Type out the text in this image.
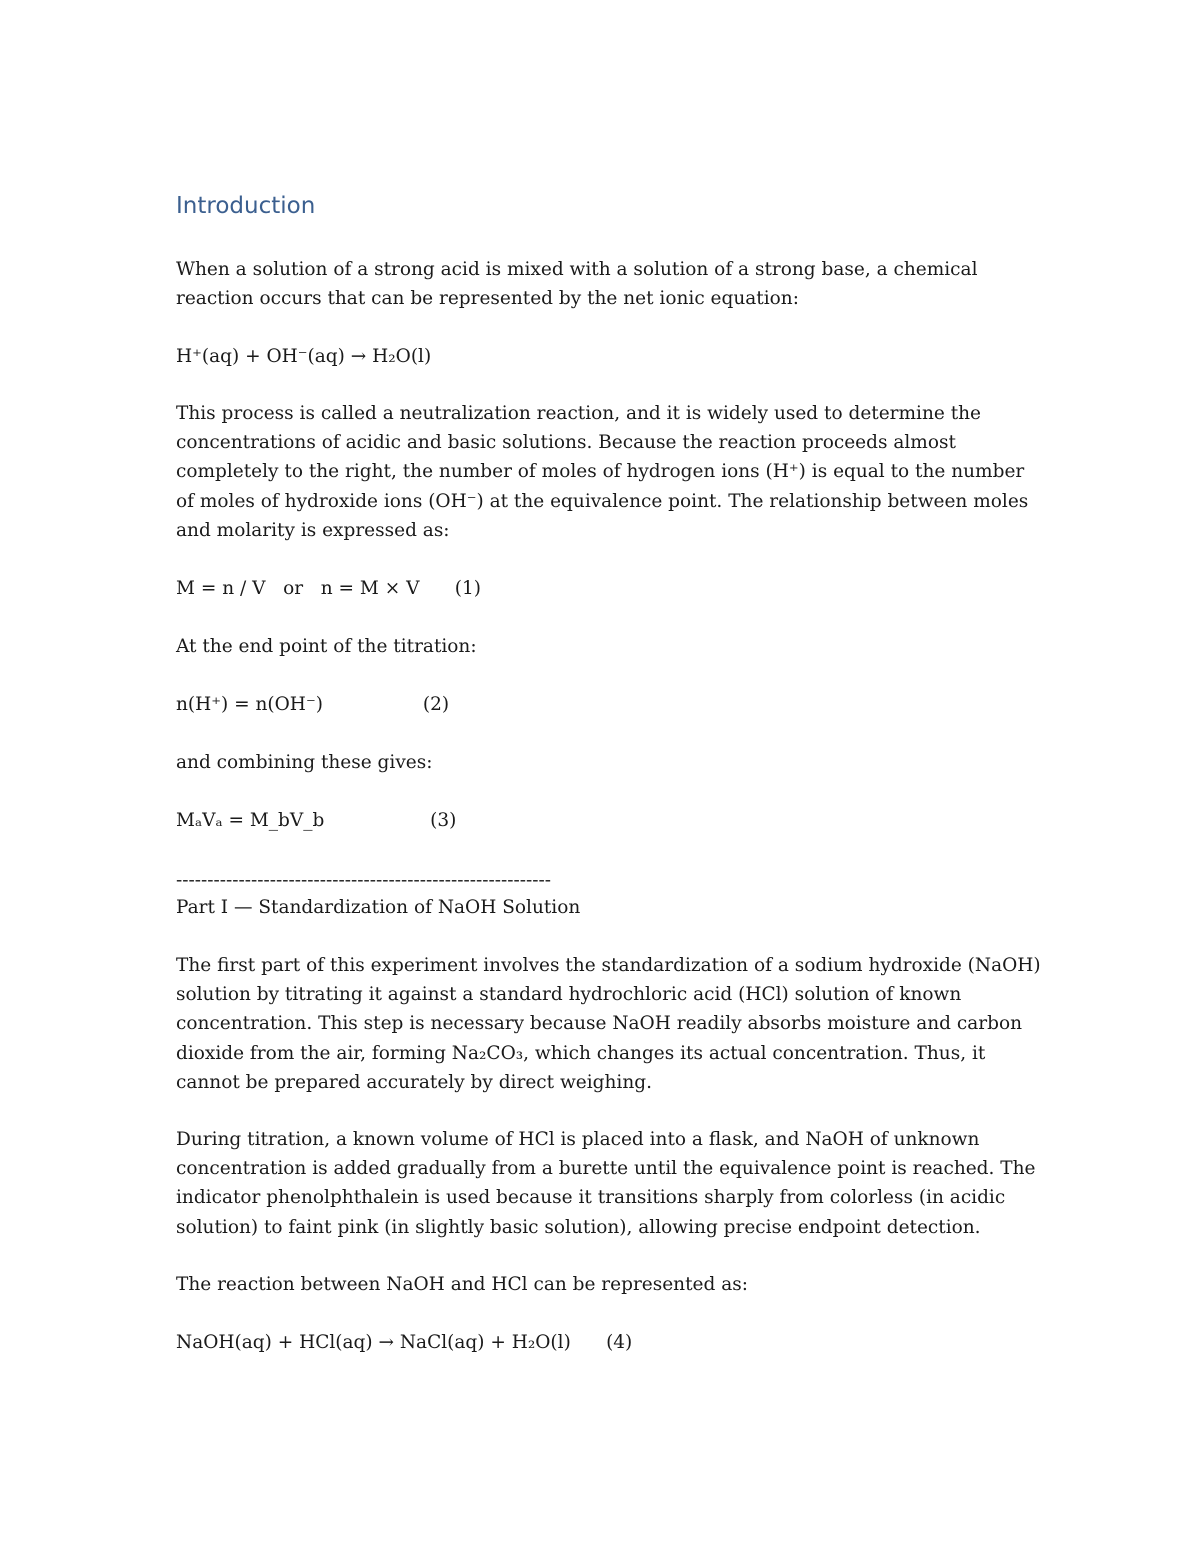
Introduction

When a solution of a strong acid is mixed with a solution of a strong base, a chemical
reaction occurs that can be represented by the net ionic equation:

H⁺(aq) + OH⁻(aq) → H₂O(l)

This process is called a neutralization reaction, and it is widely used to determine the
concentrations of acidic and basic solutions. Because the reaction proceeds almost
completely to the right, the number of moles of hydrogen ions (H⁺) is equal to the number
of moles of hydroxide ions (OH⁻) at the equivalence point. The relationship between moles
and molarity is expressed as:

M = n / V   or   n = M × V      (1)

At the end point of the titration:

n(H⁺) = n(OH⁻)                 (2)

and combining these gives:

MₐVₐ = M_bV_b                  (3)

------------------------------------------------------------

Part I — Standardization of NaOH Solution

The first part of this experiment involves the standardization of a sodium hydroxide (NaOH)
solution by titrating it against a standard hydrochloric acid (HCl) solution of known
concentration. This step is necessary because NaOH readily absorbs moisture and carbon
dioxide from the air, forming Na₂CO₃, which changes its actual concentration. Thus, it
cannot be prepared accurately by direct weighing.

During titration, a known volume of HCl is placed into a flask, and NaOH of unknown
concentration is added gradually from a burette until the equivalence point is reached. The
indicator phenolphthalein is used because it transitions sharply from colorless (in acidic
solution) to faint pink (in slightly basic solution), allowing precise endpoint detection.

The reaction between NaOH and HCl can be represented as:

NaOH(aq) + HCl(aq) → NaCl(aq) + H₂O(l)      (4)
